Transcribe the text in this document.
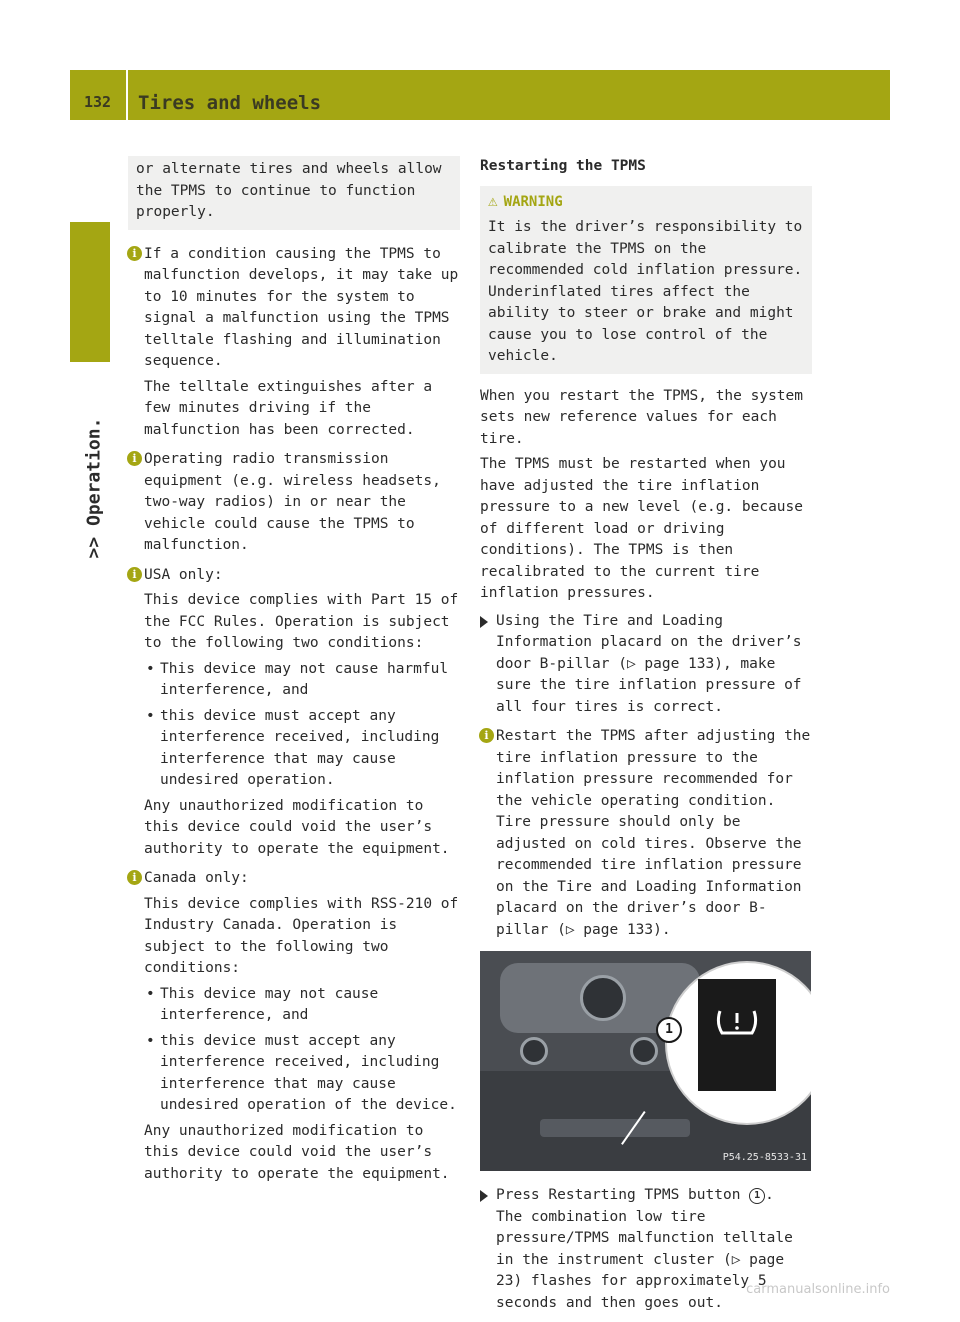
132 Tires and wheels
>> Operation.
or alternate tires and wheels allow the TPMS to continue to function properly.
i If a condition causing the TPMS to malfunction develops, it may take up to 10 minutes for the system to signal a malfunction using the TPMS telltale flashing and illumination sequence.

The telltale extinguishes after a few minutes driving if the malfunction has been corrected.

i Operating radio transmission equipment (e.g. wireless headsets, two-way radios) in or near the vehicle could cause the TPMS to malfunction.

i USA only:

This device complies with Part 15 of the FCC Rules. Operation is subject to the following two conditions:

• This device may not cause harmful interference, and
• this device must accept any interference received, including interference that may cause undesired operation.

Any unauthorized modification to this device could void the user’s authority to operate the equipment.

i Canada only:

This device complies with RSS-210 of Industry Canada. Operation is subject to the following two conditions:

• This device may not cause interference, and
• this device must accept any interference received, including interference that may cause undesired operation of the device.

Any unauthorized modification to this device could void the user’s authority to operate the equipment.

Restarting the TPMS
⚠ WARNING
It is the driver’s responsibility to calibrate the TPMS on the recommended cold inflation pressure. Underinflated tires affect the ability to steer or brake and might cause you to lose control of the vehicle.

When you restart the TPMS, the system sets new reference values for each tire.

The TPMS must be restarted when you have adjusted the tire inflation pressure to a new level (e.g. because of different load or driving conditions). The TPMS is then recalibrated to the current tire inflation pressures.

Using the Tire and Loading Information placard on the driver’s door B-pillar (▷ page 133), make sure the tire inflation pressure of all four tires is correct.
i Restart the TPMS after adjusting the tire inflation pressure to the inflation pressure recommended for the vehicle operating condition. Tire pressure should only be adjusted on cold tires. Observe the recommended tire inflation pressure on the Tire and Loading Information placard on the driver’s door B-pillar (▷ page 133).

1
P54.25-8533-31
Press Restarting TPMS button 1 .

The combination low tire pressure/TPMS malfunction telltale in the instrument cluster (▷ page 23) flashes for approximately 5 seconds and then goes out.

carmanualsonline.info
